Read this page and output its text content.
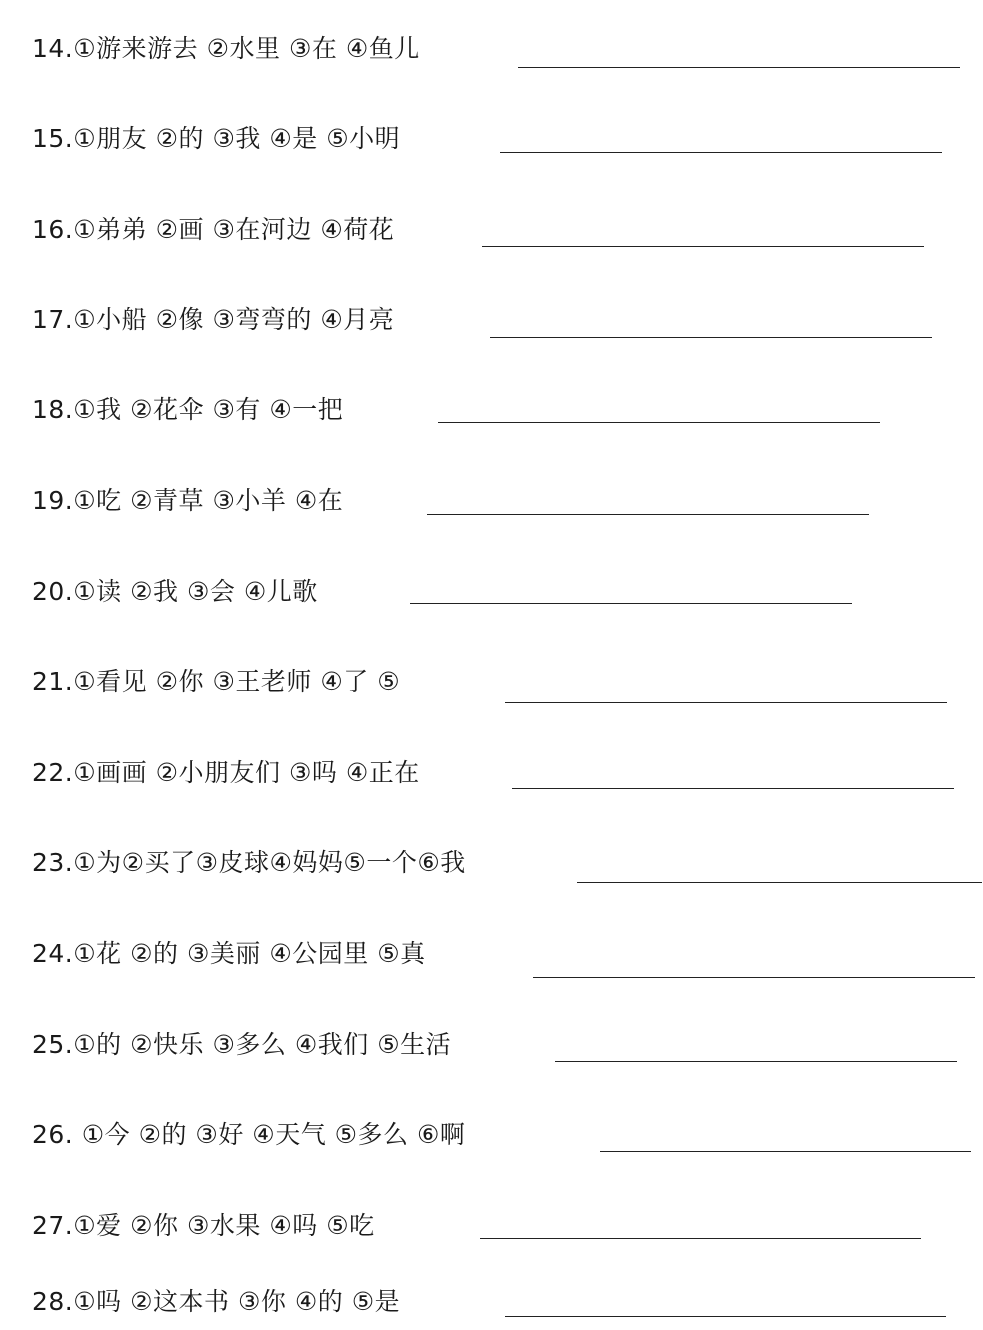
14.①游来游去 ②水里 ③在 ④鱼儿
15.①朋友 ②的 ③我 ④是 ⑤小明
16.①弟弟 ②画 ③在河边 ④荷花
17.①小船 ②像 ③弯弯的 ④月亮
18.①我 ②花伞 ③有 ④一把
19.①吃 ②青草 ③小羊 ④在
20.①读 ②我 ③会 ④儿歌
21.①看见 ②你 ③王老师 ④了 ⑤
22.①画画 ②小朋友们 ③吗 ④正在
23.①为②买了③皮球④妈妈⑤一个⑥我
24.①花 ②的 ③美丽 ④公园里 ⑤真
25.①的 ②快乐 ③多么 ④我们 ⑤生活
26. ①今 ②的 ③好 ④天气 ⑤多么 ⑥啊
27.①爱 ②你 ③水果 ④吗 ⑤吃
28.①吗 ②这本书 ③你 ④的 ⑤是
